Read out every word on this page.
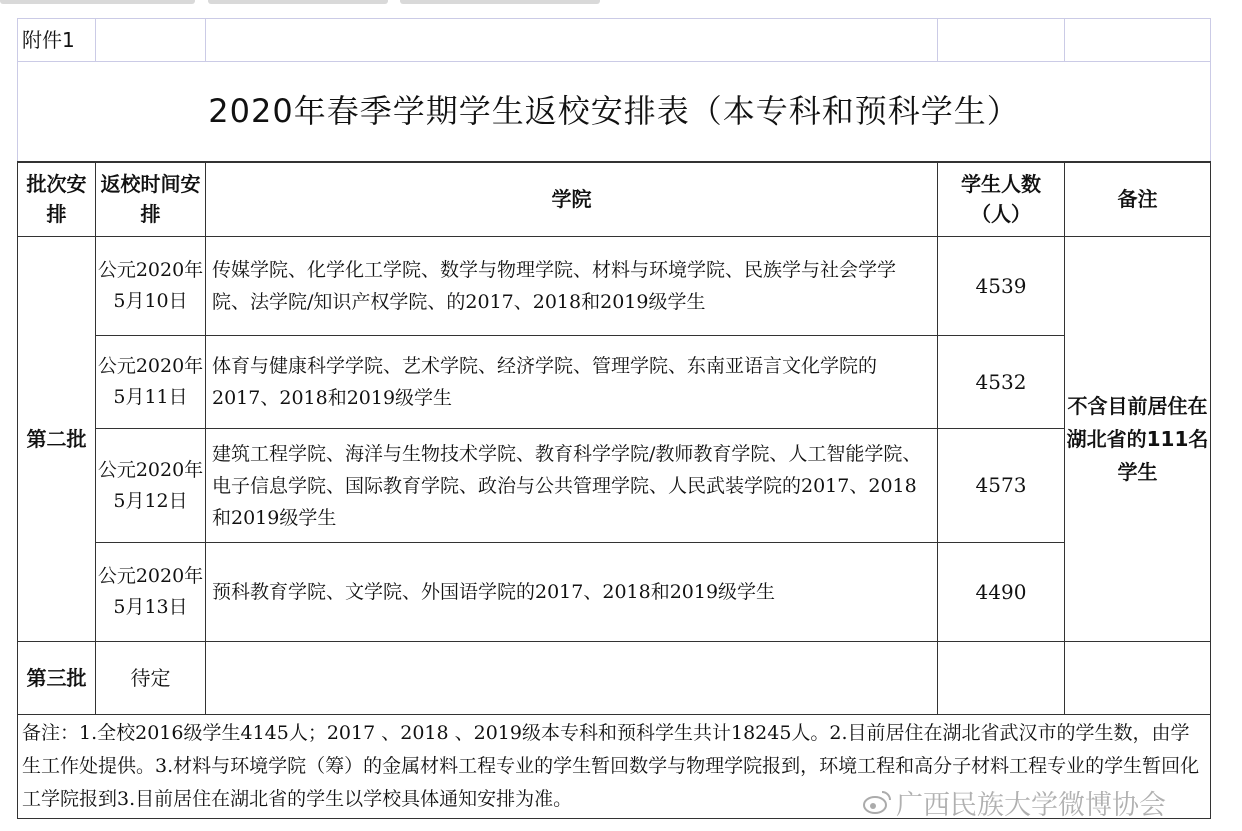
附件1				
2020年春季学期学生返校安排表（本专科和预科学生）				
批次安排	返校时间安排	学院	学生人数（人）	备注
第二批	公元2020年5月10日	传媒学院、化学化工学院、数学与物理学院、材料与环境学院、民族学与社会学学院、法学院/知识产权学院、的2017、2018和2019级学生	4539	不含目前居住在湖北省的111名学生
	公元2020年5月11日	体育与健康科学学院、艺术学院、经济学院、管理学院、东南亚语言文化学院的2017、2018和2019级学生	4532	
	公元2020年5月12日	建筑工程学院、海洋与生物技术学院、教育科学学院/教师教育学院、人工智能学院、电子信息学院、国际教育学院、政治与公共管理学院、人民武装学院的2017、2018和2019级学生	4573	
	公元2020年5月13日	预科教育学院、文学院、外国语学院的2017、2018和2019级学生	4490	
第三批	待定			
备注：1.全校2016级学生4145人；2017 、2018 、2019级本专科和预科学生共计18245人。2.目前居住在湖北省武汉市的学生数，由学生工作处提供。3.材料与环境学院（筹）的金属材料工程专业的学生暂回数学与物理学院报到，环境工程和高分子材料工程专业的学生暂回化工学院报到3.目前居住在湖北省的学生以学校具体通知安排为准。					广西民族大学微博协会
